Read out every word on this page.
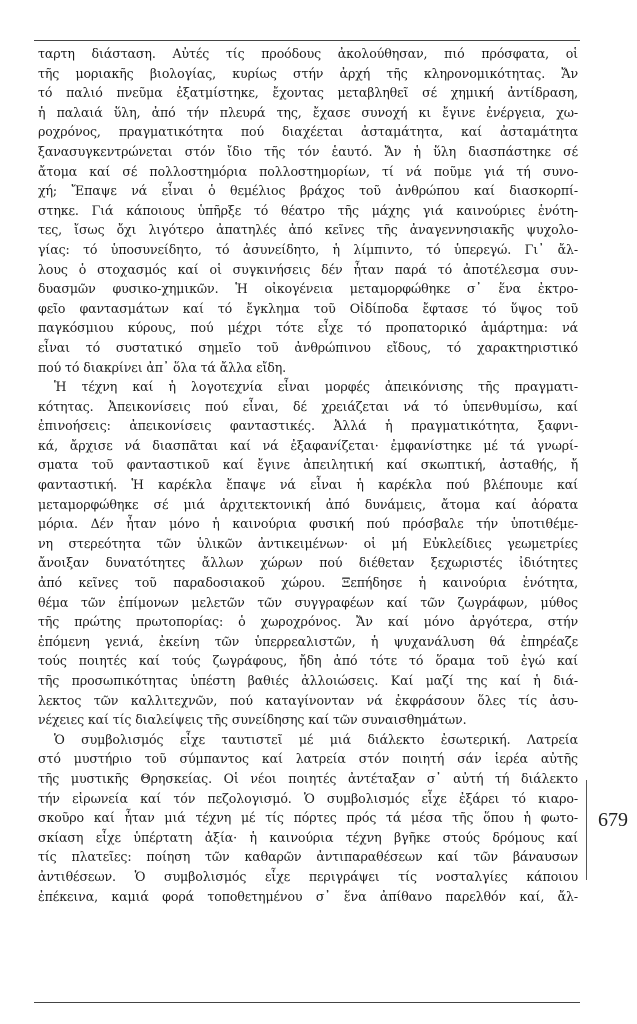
ταρτη διάσταση. Αὐτές τίς προόδους ἀκολούθησαν, πιό πρόσφατα, οἱ
τῆς μοριακῆς βιολογίας, κυρίως στήν ἀρχή τῆς κληρονομικότητας. Ἄν
τό παλιό πνεῦμα ἐξατμίστηκε, ἔχοντας μεταβληθεῖ σέ χημική ἀντίδραση,
ἡ παλαιά ὕλη, ἀπό τήν πλευρά της, ἔχασε συνοχή κι ἔγινε ἐνέργεια, χω-
ροχρόνος, πραγματικότητα πού διαχέεται ἀσταμάτητα, καί ἀσταμάτητα
ξανασυγκεντρώνεται στόν ἴδιο τῆς τόν ἑαυτό. Ἄν ἡ ὕλη διασπάστηκε σέ
ἄτομα καί σέ πολλοστημόρια πολλοστημορίων, τί νά ποῦμε γιά τή συνο-
χή; Ἔπαψε νά εἶναι ὁ θεμέλιος βράχος τοῦ ἀνθρώπου καί διασκορπί-
στηκε. Γιά κάποιους ὑπῆρξε τό θέατρο τῆς μάχης γιά καινούριες ἑνότη-
τες, ἴσως ὄχι λιγότερο ἀπατηλές ἀπό κεῖνες τῆς ἀναγεννησιακῆς ψυχολο-
γίας: τό ὑποσυνείδητο, τό ἀσυνείδητο, ἡ λίμπιντο, τό ὑπερεγώ. Γι᾽ ἄλ-
λους ὁ στοχασμός καί οἱ συγκινήσεις δέν ἦταν παρά τό ἀποτέλεσμα συν-
δυασμῶν φυσικο-χημικῶν. Ἡ οἰκογένεια μεταμορφώθηκε σ᾽ ἕνα ἐκτρο-
φεῖο φαντασμάτων καί τό ἔγκλημα τοῦ Οἰδίποδα ἔφτασε τό ὕψος τοῦ
παγκόσμιου κύρους, πού μέχρι τότε εἶχε τό προπατορικό ἁμάρτημα: νά
εἶναι τό συστατικό σημεῖο τοῦ ἀνθρώπινου εἴδους, τό χαρακτηριστικό
πού τό διακρίνει ἀπ᾽ ὅλα τά ἄλλα εἴδη.
Ἡ τέχνη καί ἡ λογοτεχνία εἶναι μορφές ἀπεικόνισης τῆς πραγματι-
κότητας. Ἀπεικονίσεις πού εἶναι, δέ χρειάζεται νά τό ὑπενθυμίσω, καί
ἐπινοήσεις: ἀπεικονίσεις φανταστικές. Ἀλλά ἡ πραγματικότητα, ξαφνι-
κά, ἄρχισε νά διασπᾶται καί νά ἐξαφανίζεται· ἐμφανίστηκε μέ τά γνωρί-
σματα τοῦ φανταστικοῦ καί ἔγινε ἀπειλητική καί σκωπτική, ἀσταθής, ἤ
φανταστική. Ἡ καρέκλα ἔπαψε νά εἶναι ἡ καρέκλα πού βλέπουμε καί
μεταμορφώθηκε σέ μιά ἀρχιτεκτονική ἀπό δυνάμεις, ἄτομα καί ἀόρατα
μόρια. Δέν ἦταν μόνο ἡ καινούρια φυσική πού πρόσβαλε τήν ὑποτιθέμε-
νη στερεότητα τῶν ὑλικῶν ἀντικειμένων· οἱ μή Εὐκλείδιες γεωμετρίες
ἄνοιξαν δυνατότητες ἄλλων χώρων πού διέθεταν ξεχωριστές ἰδιότητες
ἀπό κεῖνες τοῦ παραδοσιακοῦ χώρου. Ξεπήδησε ἡ καινούρια ἑνότητα,
θέμα τῶν ἐπίμονων μελετῶν τῶν συγγραφέων καί τῶν ζωγράφων, μύθος
τῆς πρώτης πρωτοπορίας: ὁ χωροχρόνος. Ἄν καί μόνο ἀργότερα, στήν
ἑπόμενη γενιά, ἐκείνη τῶν ὑπερρεαλιστῶν, ἡ ψυχανάλυση θά ἐπηρέαζε
τούς ποιητές καί τούς ζωγράφους, ἤδη ἀπό τότε τό ὅραμα τοῦ ἐγώ καί
τῆς προσωπικότητας ὑπέστη βαθιές ἀλλοιώσεις. Καί μαζί της καί ἡ διά-
λεκτος τῶν καλλιτεχνῶν, πού καταγίνονταν νά ἐκφράσουν ὅλες τίς ἀσυ-
νέχειες καί τίς διαλείψεις τῆς συνείδησης καί τῶν συναισθημάτων.
Ὁ συμβολισμός εἶχε ταυτιστεῖ μέ μιά διάλεκτο ἐσωτερική. Λατρεία
στό μυστήριο τοῦ σύμπαντος καί λατρεία στόν ποιητή σάν ἱερέα αὐτῆς
τῆς μυστικῆς Θρησκείας. Οἱ νέοι ποιητές ἀντέταξαν σ᾽ αὐτή τή διάλεκτο
τήν εἰρωνεία καί τόν πεζολογισμό. Ὁ συμβολισμός εἶχε ἐξάρει τό κιαρο-
σκοῦρο καί ἦταν μιά τέχνη μέ τίς πόρτες πρός τά μέσα τῆς ὅπου ἡ φωτο-
σκίαση εἶχε ὑπέρτατη ἀξία· ἡ καινούρια τέχνη βγῆκε στούς δρόμους καί
τίς πλατεῖες: ποίηση τῶν καθαρῶν ἀντιπαραθέσεων καί τῶν βάναυσων
ἀντιθέσεων. Ὁ συμβολισμός εἶχε περιγράψει τίς νοσταλγίες κάποιου
ἐπέκεινα, καμιά φορά τοποθετημένου σ᾽ ἕνα ἀπίθανο παρελθόν καί, ἄλ-
679
